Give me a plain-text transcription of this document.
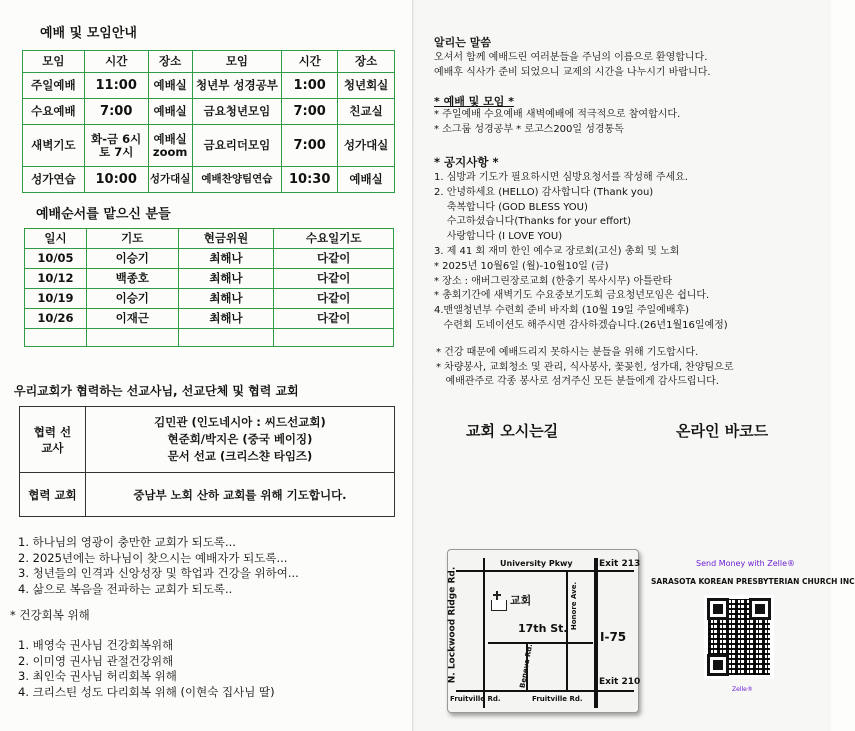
예배 및 모임안내
모임	시간	장소	모임	시간	장소
주일예배	11:00	예배실	청년부 성경공부	1:00	청년회실
수요예배	7:00	예배실	금요청년모임	7:00	친교실
새벽기도	화-금 6시 토 7시	예배실 zoom	금요리더모임	7:00	성가대실
성가연습	10:00	성가대실	예배찬양팀연습	10:30	예배실
예배순서를 맡으신 분들
일시	기도	현금위원	수요일기도
10/05	이승기	최해나	다같이
10/12	백종호	최해나	다같이
10/19	이승기	최해나	다같이
10/26	이재근	최해나	다같이

우리교회가 협력하는 선교사님, 선교단체 및 협력 교회
협력 선교사	김민관 (인도네시아 : 씨드선교회)
현준희/박지은 (중국 베이징)
문서 선교 (크리스챤 타임즈)

협력 교회	중남부 노회 산하 교회를 위해 기도합니다.
1. 하나님의 영광이 충만한 교회가 되도록...
2. 2025년에는 하나님이 찾으시는 예배자가 되도록...
3. 청년들의 인격과 신앙성장 및 학업과 건강을 위하여...
4. 삶으로 복음을 전파하는 교회가 되도록..
* 건강회복 위해
1. 배영숙 권사님 건강회복위해
2. 이미영 권사님 관절건강위해
3. 최인숙 권사님 허리회복 위해
4. 크리스틴 성도 다리회복 위해 (이현숙 집사님 딸)
알리는 말씀
오셔서 함께 예배드린 여러분들을 주님의 이름으로 환영합니다.
예배후 식사가 준비 되었으니 교제의 시간을 나누시기 바랍니다.
* 예배 및 모임 *
* 주일예배 수요예배 새벽예배에 적극적으로 참여합시다.
* 소그룹 성경공부 * 로고스200일 성경통독
* 공지사항 *
1. 심방과 기도가 필요하시면 심방요청서를 작성해 주세요.
2. 안녕하세요 (HELLO) 감사합니다 (Thank you)
축복합니다 (GOD BLESS YOU)
수고하셨습니다(Thanks for your effort)
사랑합니다 (I LOVE YOU)
3. 제 41 회 재미 한인 예수교 장로회(고신) 총회 및 노회
* 2025년 10월6일 (월)-10월10일 (금)
* 장소 : 애버그린장로교회 (한충기 목사시무) 아틀란타
* 총회기간에 새벽기도 수요중보기도회 금요청년모임은 쉽니다.
4.맨앨청년부 수련회 준비 바자회 (10월 19일 주일예배후)
수련회 도네이션도 해주시면 감사하겠습니다.(26년1월16일예정)
* 건강 때문에 예배드리지 못하시는 분들을 위해 기도합시다.
* 차량봉사, 교회청소 및 관리, 식사봉사, 꽃꽂힌, 성가대, 찬양팀으로
예배관주로 각종 봉사로 섬겨주신 모든 분들에게 감사드립니다.
교회 오시는길	온라인 바코드
University Pkwy	Exit 213
N. Lockwood Ridge Rd.	교회
17th St.
Beneva Rd.
Honore Ave.
I-75
Exit 210
Fruitville Rd.	Fruitville Rd.
Send Money with Zelle®
SARASOTA KOREAN PRESBYTERIAN CHURCH INC
Zelle®
